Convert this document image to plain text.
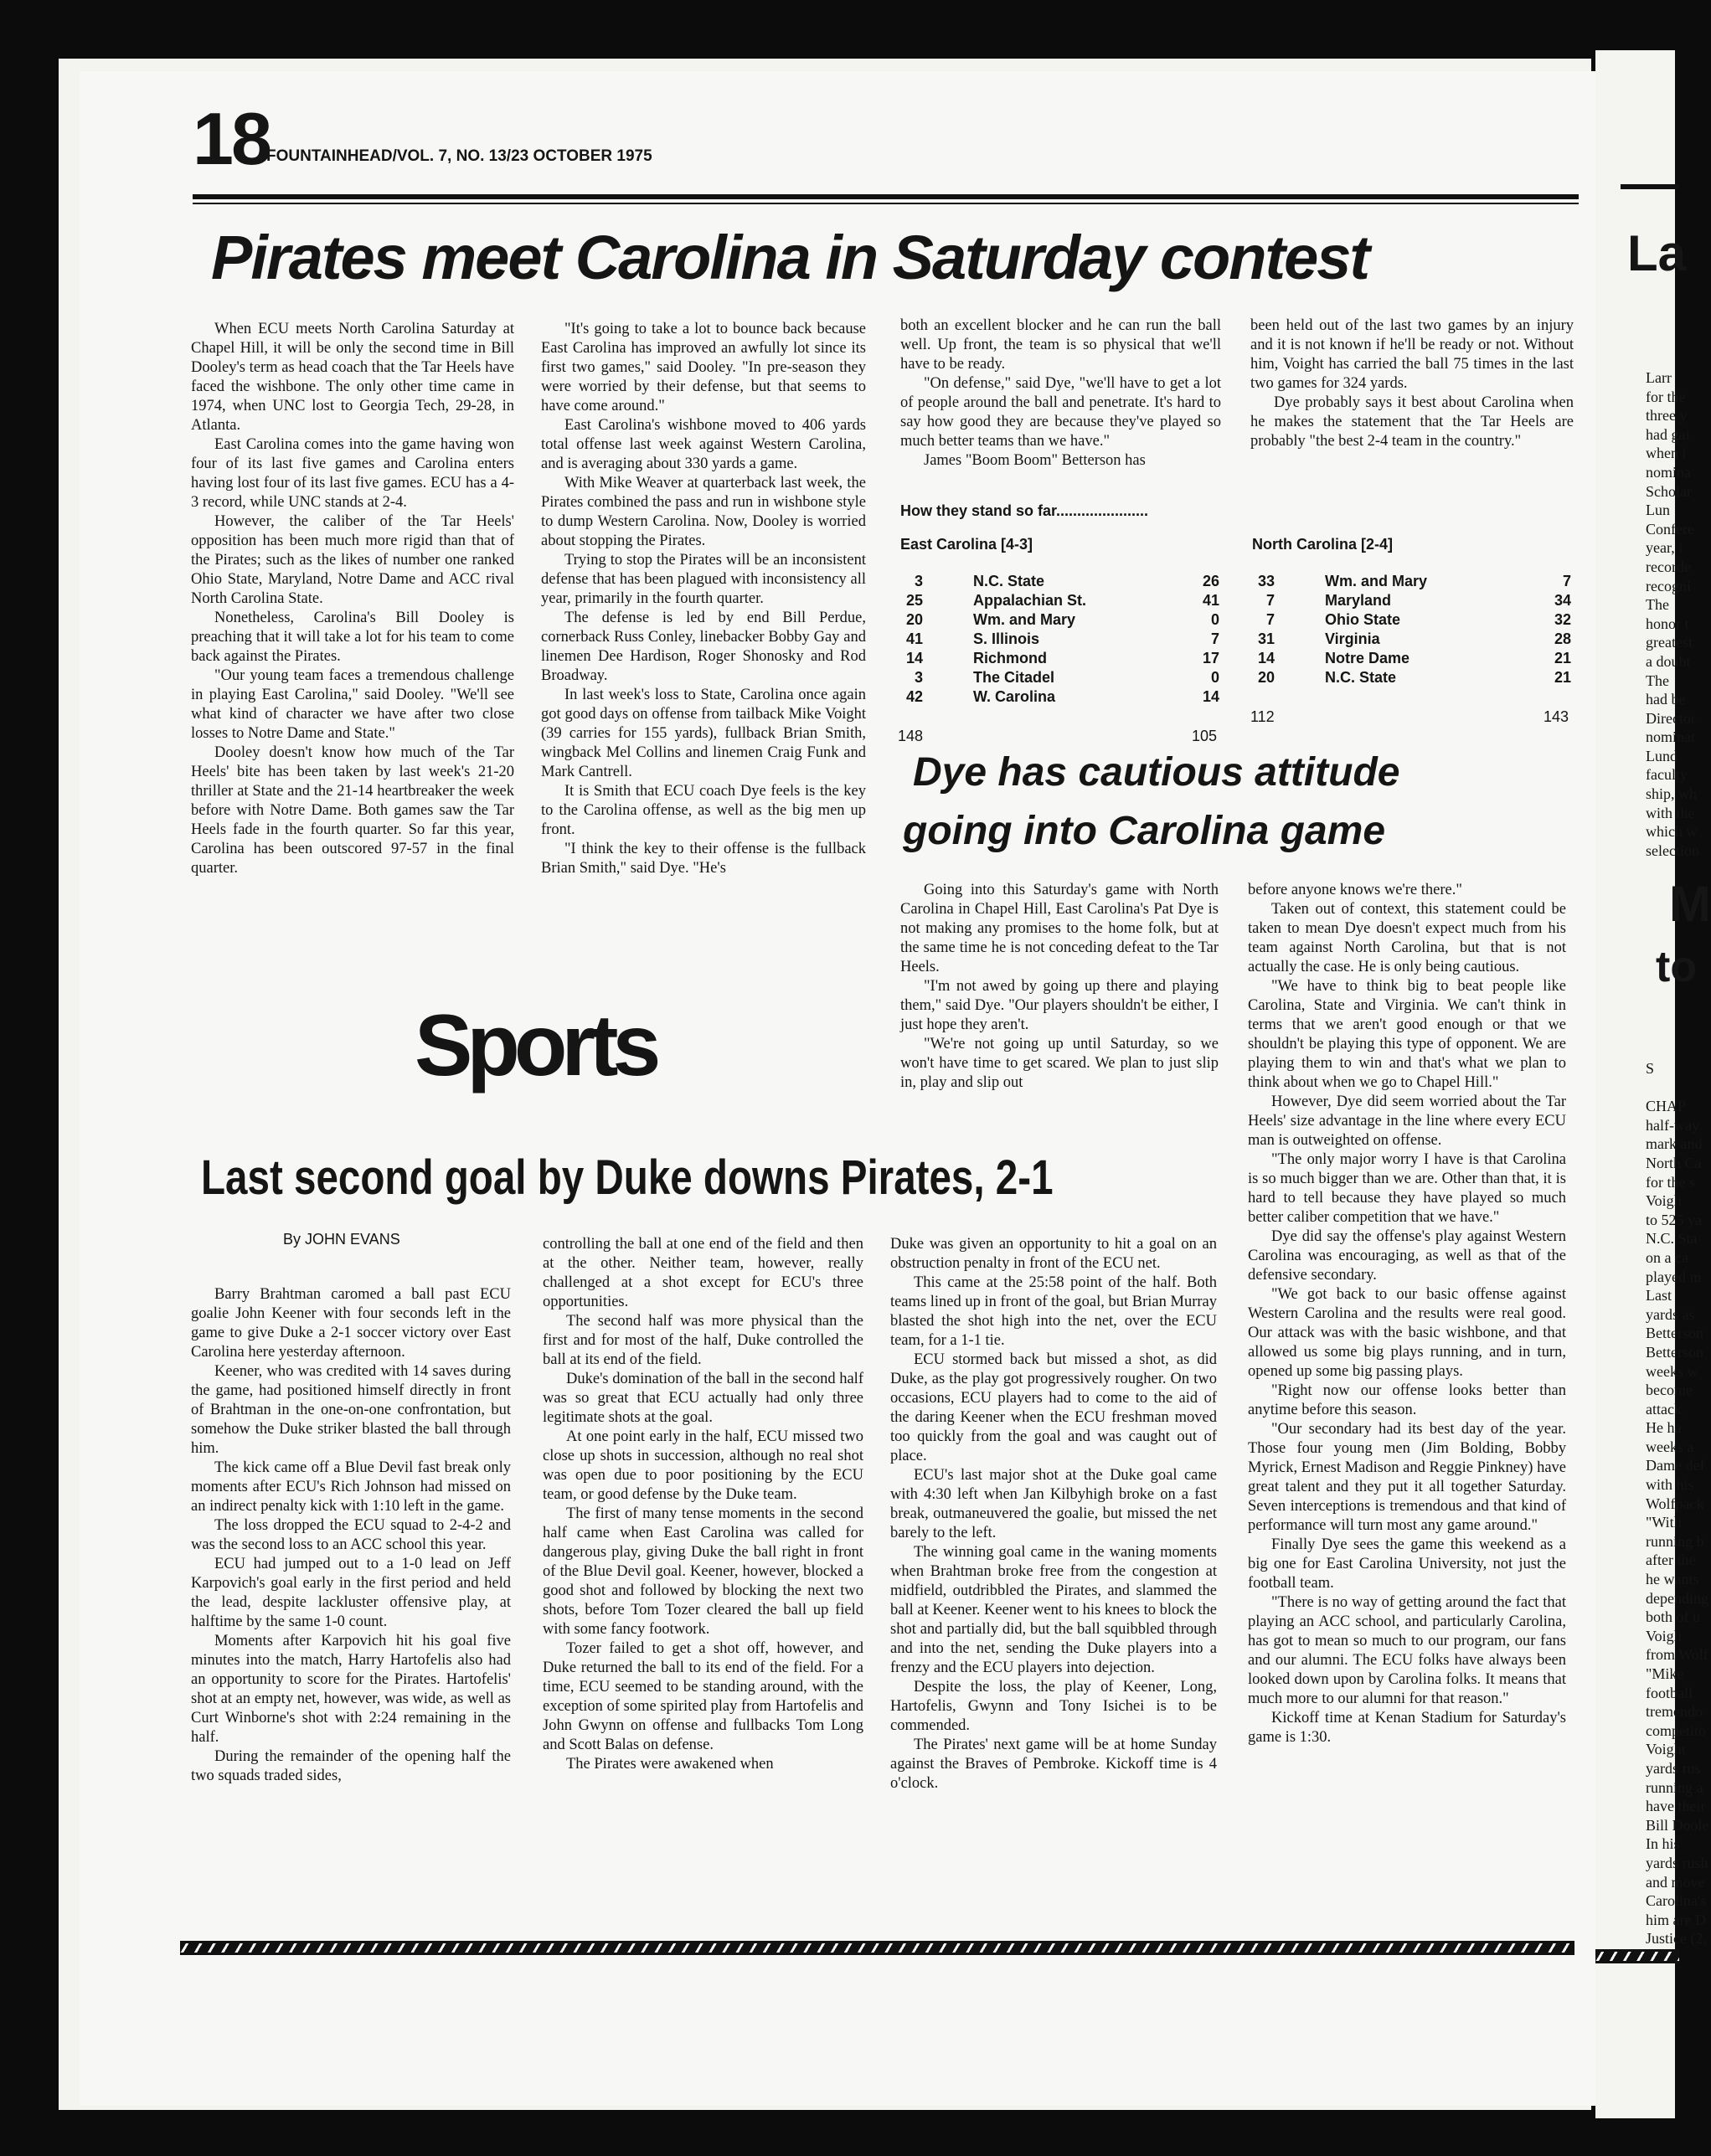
18
FOUNTAINHEAD/VOL. 7, NO. 13/23 OCTOBER 1975
Pirates meet Carolina in Saturday contest

When ECU meets North Carolina Saturday at Chapel Hill, it will be only the second time in Bill Dooley's term as head coach that the Tar Heels have faced the wishbone. The only other time came in 1974, when UNC lost to Georgia Tech, 29-28, in Atlanta.

East Carolina comes into the game having won four of its last five games and Carolina enters having lost four of its last five games. ECU has a 4-3 record, while UNC stands at 2-4.

However, the caliber of the Tar Heels' opposition has been much more rigid than that of the Pirates; such as the likes of number one ranked Ohio State, Maryland, Notre Dame and ACC rival North Carolina State.

Nonetheless, Carolina's Bill Dooley is preaching that it will take a lot for his team to come back against the Pirates.

"Our young team faces a tremendous challenge in playing East Carolina," said Dooley. "We'll see what kind of character we have after two close losses to Notre Dame and State."

Dooley doesn't know how much of the Tar Heels' bite has been taken by last week's 21-20 thriller at State and the 21-14 heartbreaker the week before with Notre Dame. Both games saw the Tar Heels fade in the fourth quarter. So far this year, Carolina has been outscored 97-57 in the final quarter.

"It's going to take a lot to bounce back because East Carolina has improved an awfully lot since its first two games," said Dooley. "In pre-season they were worried by their defense, but that seems to have come around."

East Carolina's wishbone moved to 406 yards total offense last week against Western Carolina, and is averaging about 330 yards a game.

With Mike Weaver at quarterback last week, the Pirates combined the pass and run in wishbone style to dump Western Carolina. Now, Dooley is worried about stopping the Pirates.

Trying to stop the Pirates will be an inconsistent defense that has been plagued with inconsistency all year, primarily in the fourth quarter.

The defense is led by end Bill Perdue, cornerback Russ Conley, linebacker Bobby Gay and linemen Dee Hardison, Roger Shonosky and Rod Broadway.

In last week's loss to State, Carolina once again got good days on offense from tailback Mike Voight (39 carries for 155 yards), fullback Brian Smith, wingback Mel Collins and linemen Craig Funk and Mark Cantrell.

It is Smith that ECU coach Dye feels is the key to the Carolina offense, as well as the big men up front.

"I think the key to their offense is the fullback Brian Smith," said Dye. "He's

both an excellent blocker and he can run the ball well. Up front, the team is so physical that we'll have to be ready.

"On defense," said Dye, "we'll have to get a lot of people around the ball and penetrate. It's hard to say how good they are because they've played so much better teams than we have."

James "Boom Boom" Betterson has

been held out of the last two games by an injury and it is not known if he'll be ready or not. Without him, Voight has carried the ball 75 times in the last two games for 324 yards.

Dye probably says it best about Carolina when he makes the statement that the Tar Heels are probably "the best 2-4 team in the country."

How they stand so far......................
East Carolina [4-3]	North Carolina [2-4]
3	N.C. State	26
25	Appalachian St.	41
20	Wm. and Mary	0
41	S. Illinois	7
14	Richmond	17
3	The Citadel	0
42	W. Carolina	14
33	Wm. and Mary	7
7	Maryland	34
7	Ohio State	32
31	Virginia	28
14	Notre Dame	21
20	N.C. State	21
148	105
112	143
Dye has cautious attitude
going into Carolina game

Going into this Saturday's game with North Carolina in Chapel Hill, East Carolina's Pat Dye is not making any promises to the home folk, but at the same time he is not conceding defeat to the Tar Heels.

"I'm not awed by going up there and playing them," said Dye. "Our players shouldn't be either, I just hope they aren't.

"We're not going up until Saturday, so we won't have time to get scared. We plan to just slip in, play and slip out

before anyone knows we're there."

Taken out of context, this statement could be taken to mean Dye doesn't expect much from his team against North Carolina, but that is not actually the case. He is only being cautious.

"We have to think big to beat people like Carolina, State and Virginia. We can't think in terms that we aren't good enough or that we shouldn't be playing this type of opponent. We are playing them to win and that's what we plan to think about when we go to Chapel Hill."

However, Dye did seem worried about the Tar Heels' size advantage in the line where every ECU man is outweighted on offense.

"The only major worry I have is that Carolina is so much bigger than we are. Other than that, it is hard to tell because they have played so much better caliber competition that we have."

Dye did say the offense's play against Western Carolina was encouraging, as well as that of the defensive secondary.

"We got back to our basic offense against Western Carolina and the results were real good. Our attack was with the basic wishbone, and that allowed us some big plays running, and in turn, opened up some big passing plays.

"Right now our offense looks better than anytime before this season.

"Our secondary had its best day of the year. Those four young men (Jim Bolding, Bobby Myrick, Ernest Madison and Reggie Pinkney) have great talent and they put it all together Saturday. Seven interceptions is tremendous and that kind of performance will turn most any game around."

Finally Dye sees the game this weekend as a big one for East Carolina University, not just the football team.

"There is no way of getting around the fact that playing an ACC school, and particularly Carolina, has got to mean so much to our program, our fans and our alumni. The ECU folks have always been looked down upon by Carolina folks. It means that much more to our alumni for that reason."

Kickoff time at Kenan Stadium for Saturday's game is 1:30.

Sports
Last second goal by Duke downs Pirates, 2-1
By JOHN EVANS

Barry Brahtman caromed a ball past ECU goalie John Keener with four seconds left in the game to give Duke a 2-1 soccer victory over East Carolina here yesterday afternoon.

Keener, who was credited with 14 saves during the game, had positioned himself directly in front of Brahtman in the one-on-one confrontation, but somehow the Duke striker blasted the ball through him.

The kick came off a Blue Devil fast break only moments after ECU's Rich Johnson had missed on an indirect penalty kick with 1:10 left in the game.

The loss dropped the ECU squad to 2-4-2 and was the second loss to an ACC school this year.

ECU had jumped out to a 1-0 lead on Jeff Karpovich's goal early in the first period and held the lead, despite lackluster offensive play, at halftime by the same 1-0 count.

Moments after Karpovich hit his goal five minutes into the match, Harry Hartofelis also had an opportunity to score for the Pirates. Hartofelis' shot at an empty net, however, was wide, as well as Curt Winborne's shot with 2:24 remaining in the half.

During the remainder of the opening half the two squads traded sides,

controlling the ball at one end of the field and then at the other. Neither team, however, really challenged at a shot except for ECU's three opportunities.

The second half was more physical than the first and for most of the half, Duke controlled the ball at its end of the field.

Duke's domination of the ball in the second half was so great that ECU actually had only three legitimate shots at the goal.

At one point early in the half, ECU missed two close up shots in succession, although no real shot was open due to poor positioning by the ECU team, or good defense by the Duke team.

The first of many tense moments in the second half came when East Carolina was called for dangerous play, giving Duke the ball right in front of the Blue Devil goal. Keener, however, blocked a good shot and followed by blocking the next two shots, before Tom Tozer cleared the ball up field with some fancy footwork.

Tozer failed to get a shot off, however, and Duke returned the ball to its end of the field. For a time, ECU seemed to be standing around, with the exception of some spirited play from Hartofelis and John Gwynn on offense and fullbacks Tom Long and Scott Balas on defense.

The Pirates were awakened when

Duke was given an opportunity to hit a goal on an obstruction penalty in front of the ECU net.

This came at the 25:58 point of the half. Both teams lined up in front of the goal, but Brian Murray blasted the shot high into the net, over the ECU team, for a 1-1 tie.

ECU stormed back but missed a shot, as did Duke, as the play got progressively rougher. On two occasions, ECU players had to come to the aid of the daring Keener when the ECU freshman moved too quickly from the goal and was caught out of place.

ECU's last major shot at the Duke goal came with 4:30 left when Jan Kilbyhigh broke on a fast break, outmaneuvered the goalie, but missed the net barely to the left.

The winning goal came in the waning moments when Brahtman broke free from the congestion at midfield, outdribbled the Pirates, and slammed the ball at Keener. Keener went to his knees to block the shot and partially did, but the ball squibbled through and into the net, sending the Duke players into a frenzy and the ECU players into dejection.

Despite the loss, the play of Keener, Long, Hartofelis, Gwynn and Tony Isichei is to be commended.

The Pirates' next game will be at home Sunday against the Braves of Pembroke. Kickoff time is 4 o'clock.

La
Larr
for the
three y
had gai
when i
nomina
Scholar
Lun
Confere
year, i
recorde
recogni
The
honor t
greatest
a doubt
The
had be
Director
nominat
Lund
faculty
ship, wh
with the
which w
selection
M
to
S
CHAP
half-way
mark and
North Ca
for the s
Voigh
to 525 ya
N.C. Sta
on a ca
played m
Last
yards as
Betterson
Betterson
weeks w
become
attack.
He ha
weeks a
Dame def
with his
Wolfpack
"With
running b
after the
he wants
depending
both of u
Voigh
from Wolf
"Mike
football
tremendo
competito
Voight
yards rus
running a
have their
Bill Doole
In his
yards rush
and move
Carolina's
him are D
Justice (2,
